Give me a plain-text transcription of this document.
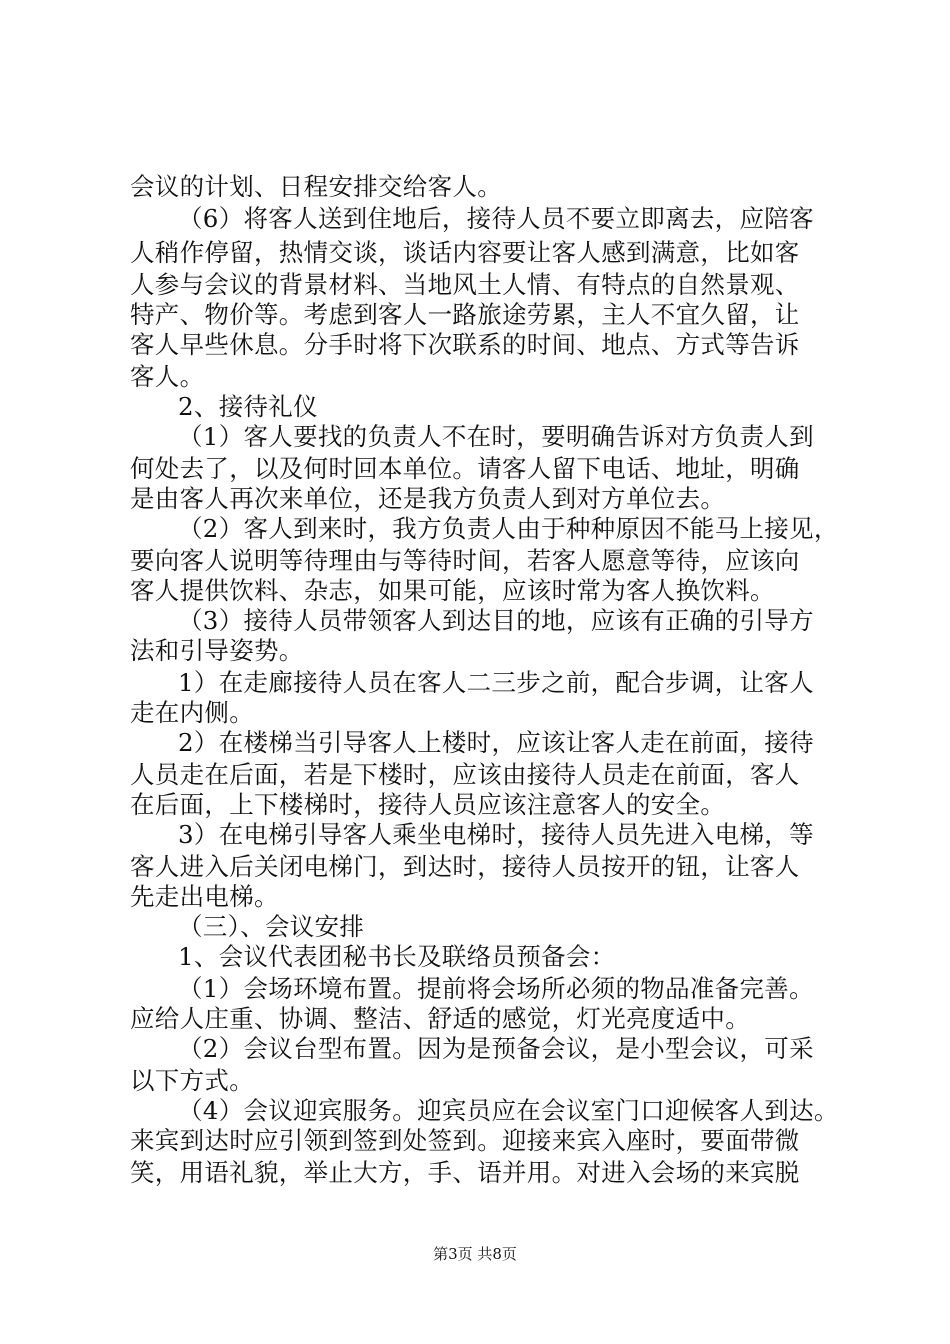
会议的计划、日程安排交给客人。
（6）将客人送到住地后，接待人员不要立即离去，应陪客
人稍作停留，热情交谈，谈话内容要让客人感到满意，比如客
人参与会议的背景材料、当地风土人情、有特点的自然景观、
特产、物价等。考虑到客人一路旅途劳累，主人不宜久留，让
客人早些休息。分手时将下次联系的时间、地点、方式等告诉
客人。
2、接待礼仪
（1）客人要找的负责人不在时，要明确告诉对方负责人到
何处去了，以及何时回本单位。请客人留下电话、地址，明确
是由客人再次来单位，还是我方负责人到对方单位去。
（2）客人到来时，我方负责人由于种种原因不能马上接见，
要向客人说明等待理由与等待时间，若客人愿意等待，应该向
客人提供饮料、杂志，如果可能，应该时常为客人换饮料。
（3）接待人员带领客人到达目的地，应该有正确的引导方
法和引导姿势。
1）在走廊接待人员在客人二三步之前，配合步调，让客人
走在内侧。
2）在楼梯当引导客人上楼时，应该让客人走在前面，接待
人员走在后面，若是下楼时，应该由接待人员走在前面，客人
在后面，上下楼梯时，接待人员应该注意客人的安全。
3）在电梯引导客人乘坐电梯时，接待人员先进入电梯，等
客人进入后关闭电梯门，到达时，接待人员按开的钮，让客人
先走出电梯。
（三）、会议安排
1、会议代表团秘书长及联络员预备会：
（1）会场环境布置。提前将会场所必须的物品准备完善。
应给人庄重、协调、整洁、舒适的感觉，灯光亮度适中。
（2）会议台型布置。因为是预备会议，是小型会议，可采
以下方式。
（4）会议迎宾服务。迎宾员应在会议室门口迎候客人到达。
来宾到达时应引领到签到处签到。迎接来宾入座时，要面带微
笑，用语礼貌，举止大方，手、语并用。对进入会场的来宾脱
第3页 共8页
